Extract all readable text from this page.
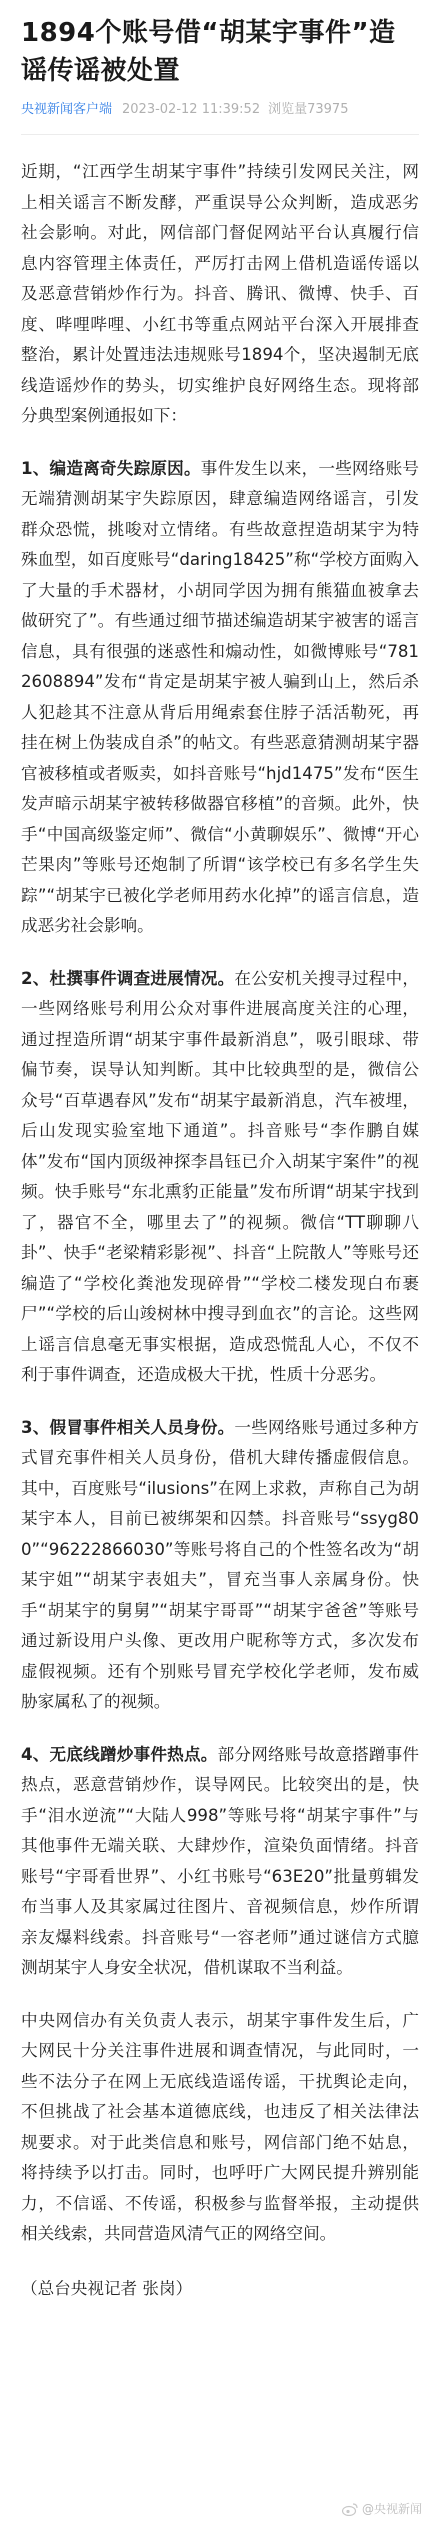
1894个账号借“胡某宇事件”造谣传谣被处置
央视新闻客户端 2023-02-12 11:39:52 浏览量 73975

近期，“江西学生胡某宇事件”持续引发网民关注，网上相关谣言不断发酵，严重误导公众判断，造成恶劣社会影响。对此，网信部门督促网站平台认真履行信息内容管理主体责任，严厉打击网上借机造谣传谣以及恶意营销炒作行为。抖音、腾讯、微博、快手、百度、哔哩哔哩、小红书等重点网站平台深入开展排查整治，累计处置违法违规账号1894个，坚决遏制无底线造谣炒作的势头，切实维护良好网络生态。现将部分典型案例通报如下：

1、编造离奇失踪原因。事件发生以来，一些网络账号无端猜测胡某宇失踪原因，肆意编造网络谣言，引发群众恐慌，挑唆对立情绪。有些故意捏造胡某宇为特殊血型，如百度账号“daring18425”称“学校方面购入了大量的手术器材，小胡同学因为拥有熊猫血被拿去做研究了”。有些通过细节描述编造胡某宇被害的谣言信息，具有很强的迷惑性和煽动性，如微博账号“7812608894”发布“肯定是胡某宇被人骗到山上，然后杀人犯趁其不注意从背后用绳索套住脖子活活勒死，再挂在树上伪装成自杀”的帖文。有些恶意猜测胡某宇器官被移植或者贩卖，如抖音账号“hjd1475”发布“医生发声暗示胡某宇被转移做器官移植”的音频。此外，快手“中国高级鉴定师”、微信“小黄聊娱乐”、微博“开心芒果肉”等账号还炮制了所谓“该学校已有多名学生失踪”“胡某宇已被化学老师用药水化掉”的谣言信息，造成恶劣社会影响。

2、杜撰事件调查进展情况。在公安机关搜寻过程中，一些网络账号利用公众对事件进展高度关注的心理，通过捏造所谓“胡某宇事件最新消息”，吸引眼球、带偏节奏，误导认知判断。其中比较典型的是，微信公众号“百草遇春风”发布“胡某宇最新消息，汽车被埋，后山发现实验室地下通道”。抖音账号“李作鹏自媒体”发布“国内顶级神探李昌钰已介入胡某宇案件”的视频。快手账号“东北熏豹正能量”发布所谓“胡某宇找到了，器官不全，哪里去了”的视频。微信“TT聊聊八卦”、快手“老梁精彩影视”、抖音“上院散人”等账号还编造了“学校化粪池发现碎骨”“学校二楼发现白布裹尸”“学校的后山竣树林中搜寻到血衣”的言论。这些网上谣言信息毫无事实根据，造成恐慌乱人心，不仅不利于事件调查，还造成极大干扰，性质十分恶劣。

3、假冒事件相关人员身份。一些网络账号通过多种方式冒充事件相关人员身份，借机大肆传播虚假信息。其中，百度账号“ilusions”在网上求救，声称自己为胡某宇本人，目前已被绑架和囚禁。抖音账号“ssyg800”“96222866030”等账号将自己的个性签名改为“胡某宇姐”“胡某宇表姐夫”，冒充当事人亲属身份。快手“胡某宇的舅舅”“胡某宇哥哥”“胡某宇爸爸”等账号通过新设用户头像、更改用户昵称等方式，多次发布虚假视频。还有个别账号冒充学校化学老师，发布威胁家属私了的视频。

4、无底线蹭炒事件热点。部分网络账号故意搭蹭事件热点，恶意营销炒作，误导网民。比较突出的是，快手“泪水逆流”“大陆人998”等账号将“胡某宇事件”与其他事件无端关联、大肆炒作，渲染负面情绪。抖音账号“宇哥看世界”、小红书账号“63E20”批量剪辑发布当事人及其家属过往图片、音视频信息，炒作所谓亲友爆料线索。抖音账号“一容老师”通过谜信方式臆测胡某宇人身安全状况，借机谋取不当利益。

中央网信办有关负责人表示，胡某宇事件发生后，广大网民十分关注事件进展和调查情况，与此同时，一些不法分子在网上无底线造谣传谣，干扰舆论走向，不但挑战了社会基本道德底线，也违反了相关法律法规要求。对于此类信息和账号，网信部门绝不姑息，将持续予以打击。同时，也呼吁广大网民提升辨别能力，不信谣、不传谣，积极参与监督举报，主动提供相关线索，共同营造风清气正的网络空间。

（总台央视记者 张岗）
@央视新闻
